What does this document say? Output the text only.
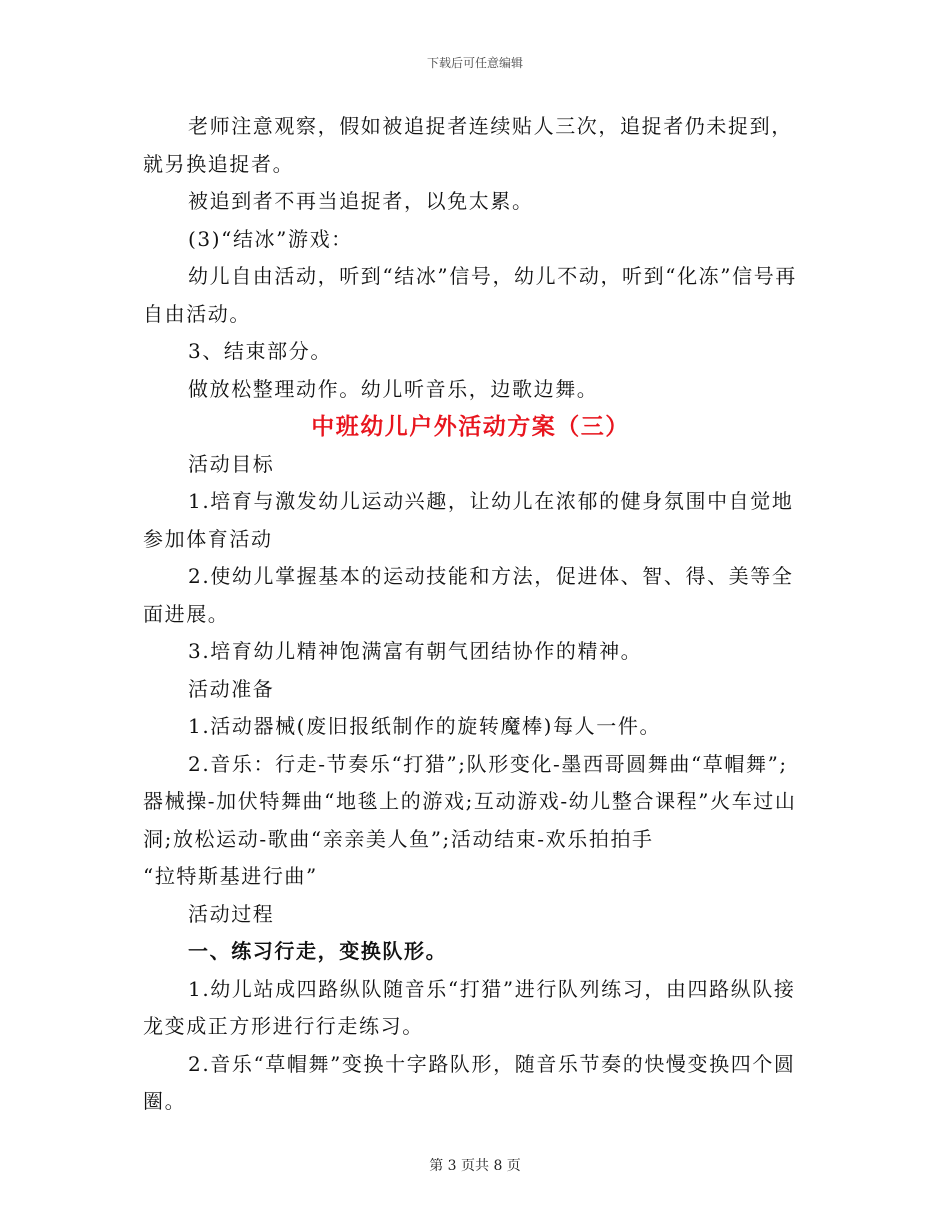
下载后可任意编辑

老师注意观察，假如被追捉者连续贴人三次，追捉者仍未捉到，就另换追捉者。

被追到者不再当追捉者，以免太累。

(3)“结冰”游戏：

幼儿自由活动，听到“结冰”信号，幼儿不动，听到“化冻”信号再自由活动。

3、结束部分。

做放松整理动作。幼儿听音乐，边歌边舞。

中班幼儿户外活动方案（三）

活动目标

1.培育与激发幼儿运动兴趣，让幼儿在浓郁的健身氛围中自觉地参加体育活动

2.使幼儿掌握基本的运动技能和方法，促进体、智、得、美等全面进展。

3.培育幼儿精神饱满富有朝气团结协作的精神。

活动准备

1.活动器械(废旧报纸制作的旋转魔棒)每人一件。

2.音乐：行走-节奏乐“打猎”;队形变化-墨西哥圆舞曲“草帽舞”;器械操-加伏特舞曲“地毯上的游戏;互动游戏-幼儿整合课程”火车过山洞;放松运动-歌曲“亲亲美人鱼”;活动结束-欢乐拍拍手

“拉特斯基进行曲”

活动过程

一、练习行走，变换队形。

1.幼儿站成四路纵队随音乐“打猎”进行队列练习，由四路纵队接龙变成正方形进行行走练习。

2.音乐“草帽舞”变换十字路队形，随音乐节奏的快慢变换四个圆圈。

第 3 页共 8 页
